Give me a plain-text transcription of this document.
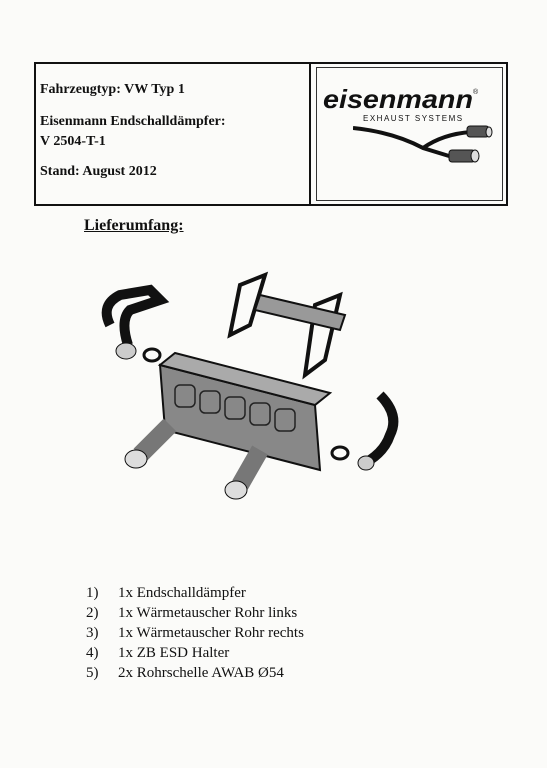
Fahrzeugtyp: VW Typ 1
Eisenmann Endschalldämpfer:
V 2504-T-1
Stand: August 2012
eisenmann ®
EXHAUST SYSTEMS
Lieferumfang:
1)	1x Endschalldämpfer
2)	1x Wärmetauscher Rohr links
3)	1x Wärmetauscher Rohr rechts
4)	1x ZB ESD Halter
5)	2x Rohrschelle AWAB Ø54
